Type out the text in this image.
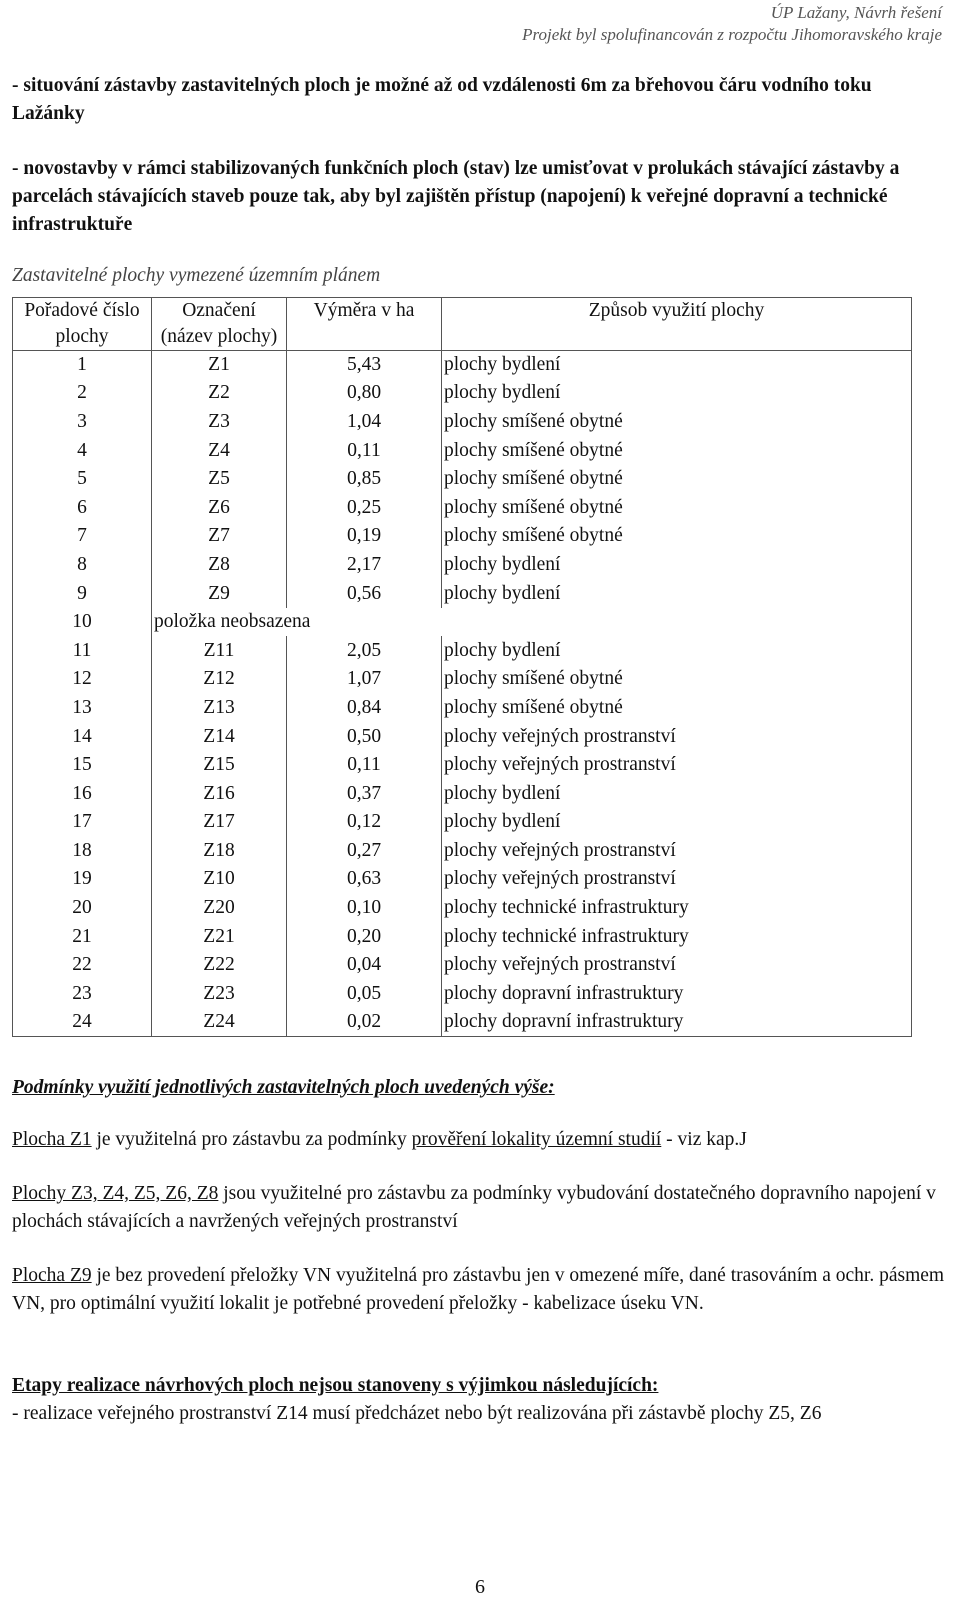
ÚP Lažany, Návrh řešení
Projekt byl spolufinancován z rozpočtu Jihomoravského kraje
- situování zástavby zastavitelných ploch je možné až od vzdálenosti 6m za břehovou čáru vodního toku Lažánky
- novostavby v rámci stabilizovaných funkčních ploch (stav) lze umisťovat v prolukách stávající zástavby a parcelách stávajících staveb pouze tak, aby byl zajištěn přístup (napojení) k veřejné dopravní a technické infrastruktuře
Zastavitelné plochy vymezené územním plánem
Pořadové číslo plochy	Označení (název plochy)	Výměra v ha	Způsob využití plochy
1	Z1	5,43	plochy bydlení
2	Z2	0,80	plochy bydlení
3	Z3	1,04	plochy smíšené obytné
4	Z4	0,11	plochy smíšené obytné
5	Z5	0,85	plochy smíšené obytné
6	Z6	0,25	plochy smíšené obytné
7	Z7	0,19	plochy smíšené obytné
8	Z8	2,17	plochy bydlení
9	Z9	0,56	plochy bydlení
10	položka neobsazena		
11	Z11	2,05	plochy bydlení
12	Z12	1,07	plochy smíšené obytné
13	Z13	0,84	plochy smíšené obytné
14	Z14	0,50	plochy veřejných prostranství
15	Z15	0,11	plochy veřejných prostranství
16	Z16	0,37	plochy bydlení
17	Z17	0,12	plochy bydlení
18	Z18	0,27	plochy veřejných prostranství
19	Z10	0,63	plochy veřejných prostranství
20	Z20	0,10	plochy technické infrastruktury
21	Z21	0,20	plochy technické infrastruktury
22	Z22	0,04	plochy veřejných prostranství
23	Z23	0,05	plochy dopravní infrastruktury
24	Z24	0,02	plochy dopravní infrastruktury
Podmínky využití jednotlivých zastavitelných ploch uvedených výše:
Plocha Z1 je využitelná pro zástavbu za podmínky prověření lokality územní studií - viz kap.J
Plochy Z3, Z4, Z5, Z6, Z8 jsou využitelné pro zástavbu za podmínky vybudování dostatečného dopravního napojení v plochách stávajících a navržených veřejných prostranství
Plocha Z9 je bez provedení přeložky VN využitelná pro zástavbu jen v omezené míře, dané trasováním a ochr. pásmem VN, pro optimální využití lokalit je potřebné provedení přeložky - kabelizace úseku VN.
Etapy realizace návrhových ploch nejsou stanoveny s výjimkou následujících:
- realizace veřejného prostranství Z14 musí předcházet nebo být realizována při zástavbě plochy Z5, Z6
6
